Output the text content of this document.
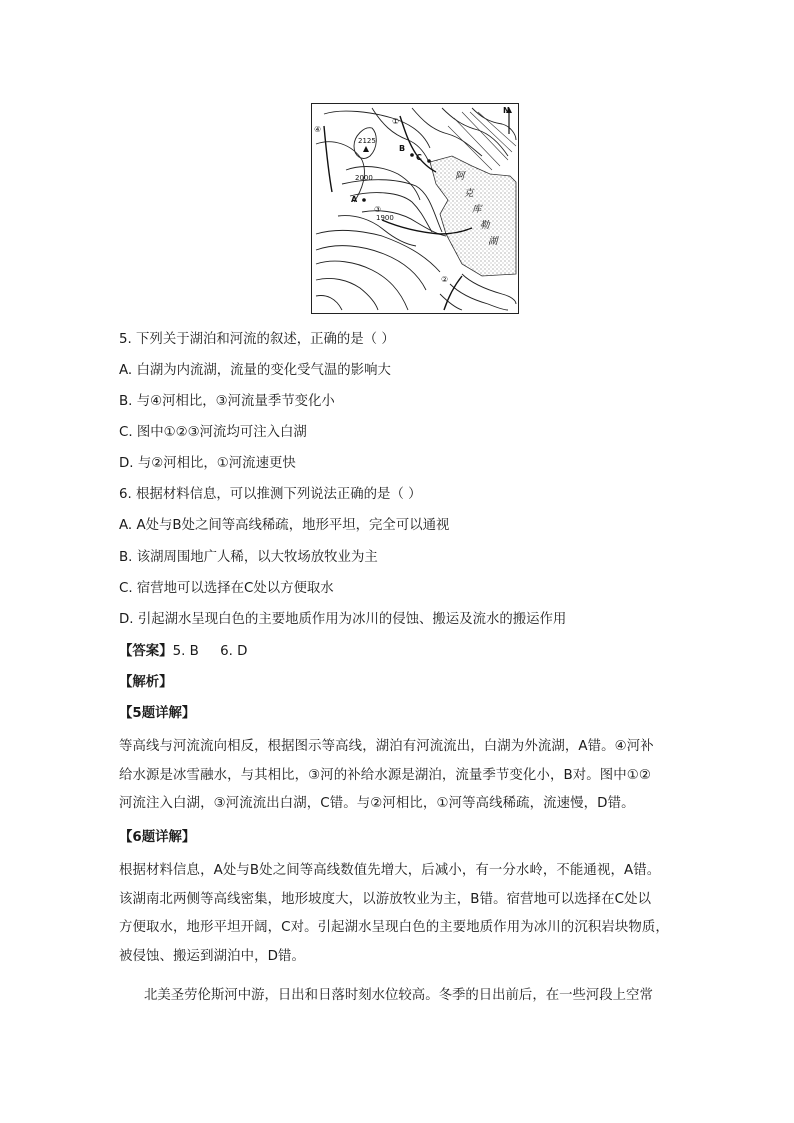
N
①
②
③
④
2125
2000
1900
A
B
C
阿
克
库
勒
湖
5. 下列关于湖泊和河流的叙述，正确的是（ ）
A. 白湖为内流湖，流量的变化受气温的影响大
B. 与④河相比，③河流量季节变化小
C. 图中①②③河流均可注入白湖
D. 与②河相比，①河流速更快
6. 根据材料信息，可以推测下列说法正确的是（ ）
A. A处与B处之间等高线稀疏，地形平坦，完全可以通视
B. 该湖周围地广人稀，以大牧场放牧业为主
C. 宿营地可以选择在C处以方便取水
D. 引起湖水呈现白色的主要地质作用为冰川的侵蚀、搬运及流水的搬运作用
【答案】5. B     6. D
【解析】
【5题详解】

等高线与河流流向相反，根据图示等高线，湖泊有河流流出，白湖为外流湖，A错。④河补

给水源是冰雪融水，与其相比，③河的补给水源是湖泊，流量季节变化小，B对。图中①②

河流注入白湖，③河流流出白湖，C错。与②河相比，①河等高线稀疏，流速慢，D错。

【6题详解】

根据材料信息，A处与B处之间等高线数值先增大，后减小，有一分水岭，不能通视，A错。

该湖南北两侧等高线密集，地形坡度大，以游放牧业为主，B错。宿营地可以选择在C处以

方便取水，地形平坦开阔，C对。引起湖水呈现白色的主要地质作用为冰川的沉积岩块物质，

被侵蚀、搬运到湖泊中，D错。

北美圣劳伦斯河中游，日出和日落时刻水位较高。冬季的日出前后，在一些河段上空常
